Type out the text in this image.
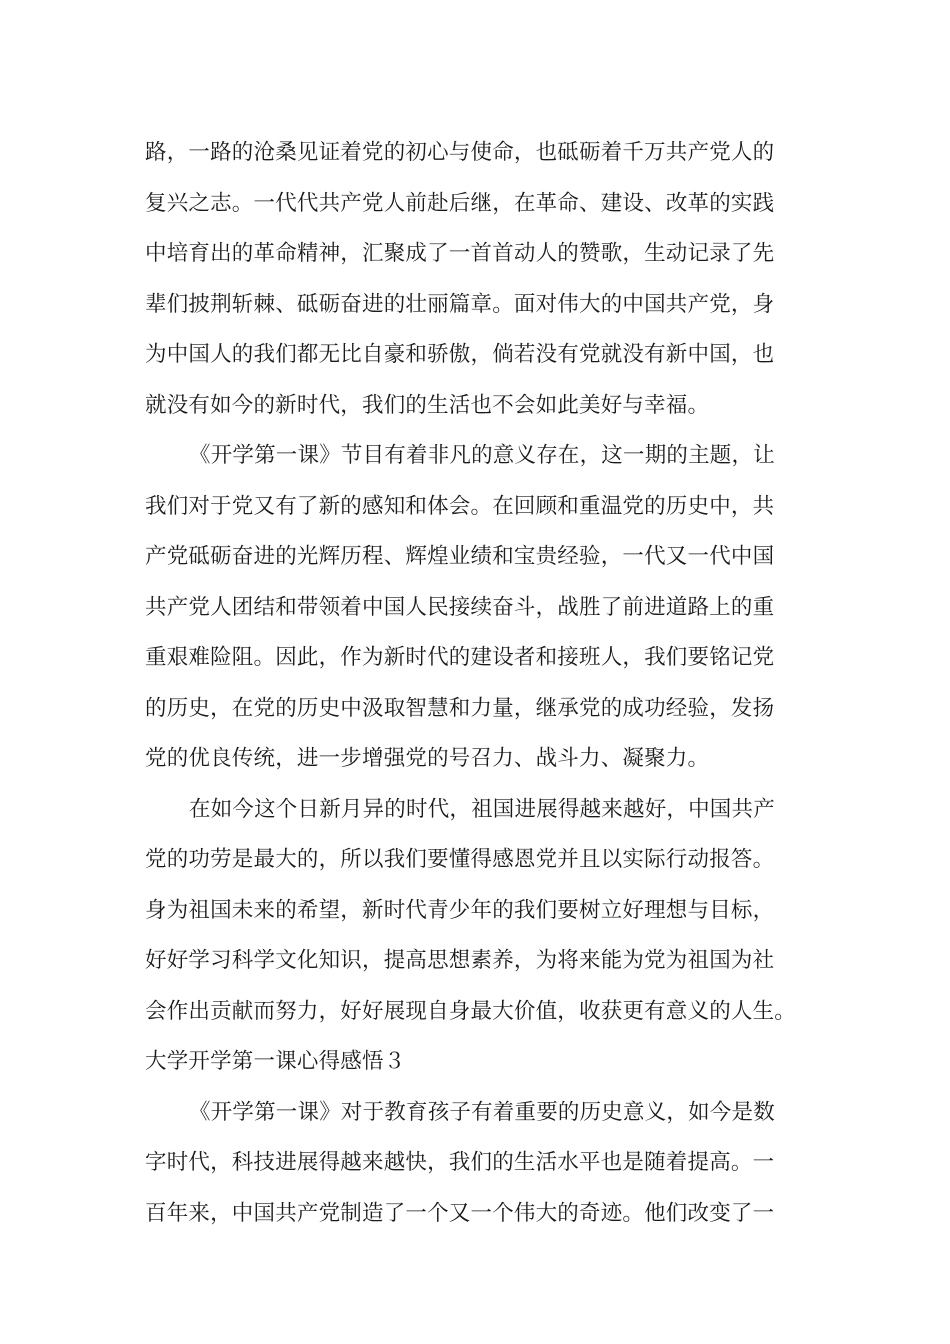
路，一路的沧桑见证着党的初心与使命，也砥砺着千万共产党人的
复兴之志。一代代共产党人前赴后继，在革命、建设、改革的实践
中培育出的革命精神，汇聚成了一首首动人的赞歌，生动记录了先
辈们披荆斩棘、砥砺奋进的壮丽篇章。面对伟大的中国共产党，身
为中国人的我们都无比自豪和骄傲，倘若没有党就没有新中国，也
就没有如今的新时代，我们的生活也不会如此美好与幸福。
《开学第一课》节目有着非凡的意义存在，这一期的主题，让
我们对于党又有了新的感知和体会。在回顾和重温党的历史中，共
产党砥砺奋进的光辉历程、辉煌业绩和宝贵经验，一代又一代中国
共产党人团结和带领着中国人民接续奋斗，战胜了前进道路上的重
重艰难险阻。因此，作为新时代的建设者和接班人，我们要铭记党
的历史，在党的历史中汲取智慧和力量，继承党的成功经验，发扬
党的优良传统，进一步增强党的号召力、战斗力、凝聚力。
在如今这个日新月异的时代，祖国进展得越来越好，中国共产
党的功劳是最大的，所以我们要懂得感恩党并且以实际行动报答。
身为祖国未来的希望，新时代青少年的我们要树立好理想与目标，
好好学习科学文化知识，提高思想素养，为将来能为党为祖国为社
会作出贡献而努力，好好展现自身最大价值，收获更有意义的人生。
大学开学第一课心得感悟３
《开学第一课》对于教育孩子有着重要的历史意义，如今是数
字时代，科技进展得越来越快，我们的生活水平也是随着提高。一
百年来，中国共产党制造了一个又一个伟大的奇迹。他们改变了一
